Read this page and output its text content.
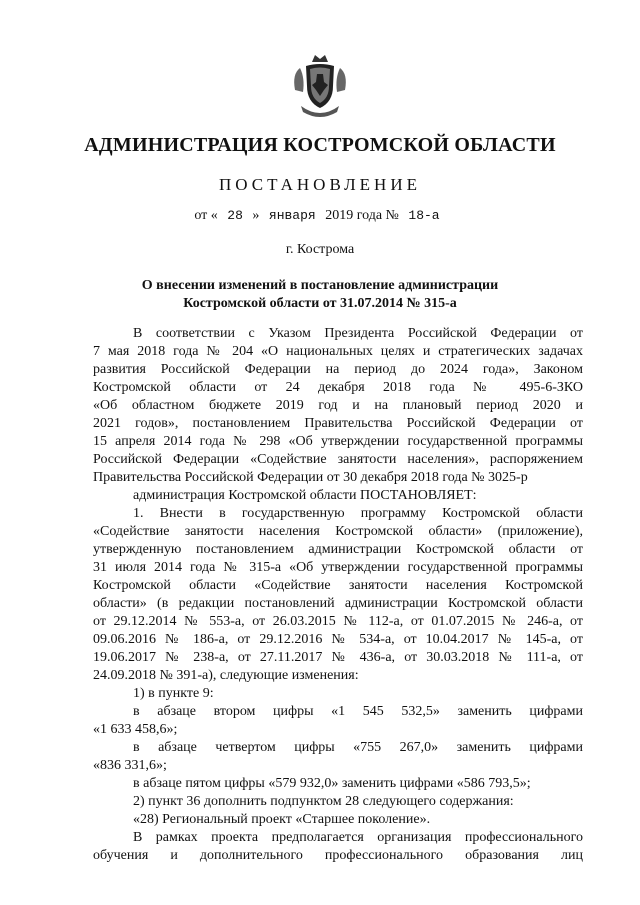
АДМИНИСТРАЦИЯ КОСТРОМСКОЙ ОБЛАСТИ
ПОСТАНОВЛЕНИЕ
от « 28 » января 2019 года № 18-а
г. Кострома
О внесении изменений в постановление администрации
Костромской области от 31.07.2014 № 315-а

В соответствии с Указом Президента Российской Федерации от

7 мая 2018 года № 204 «О национальных целях и стратегических задачах

развития Российской Федерации на период до 2024 года», Законом

Костромской области от 24 декабря 2018 года № 495-6-ЗКО

«Об областном бюджете 2019 год и на плановый период 2020 и

2021 годов», постановлением Правительства Российской Федерации от

15 апреля 2014 года № 298 «Об утверждении государственной программы

Российской Федерации «Содействие занятости населения», распоряжением

Правительства Российской Федерации от 30 декабря 2018 года № 3025-р

администрация Костромской области ПОСТАНОВЛЯЕТ:

1. Внести в государственную программу Костромской области

«Содействие занятости населения Костромской области» (приложение),

утвержденную постановлением администрации Костромской области от

31 июля 2014 года № 315-а «Об утверждении государственной программы

Костромской области «Содействие занятости населения Костромской

области» (в редакции постановлений администрации Костромской области

от 29.12.2014 № 553-а, от 26.03.2015 № 112-а, от 01.07.2015 № 246-а, от

09.06.2016 № 186-а, от 29.12.2016 № 534-а, от 10.04.2017 № 145-а, от

19.06.2017 № 238-а, от 27.11.2017 № 436-а, от 30.03.2018 № 111-а, от

24.09.2018 № 391-а), следующие изменения:

1) в пункте 9:

в абзаце втором цифры «1 545 532,5» заменить цифрами

«1 633 458,6»;

в абзаце четвертом цифры «755 267,0» заменить цифрами

«836 331,6»;

в абзаце пятом цифры «579 932,0» заменить цифрами «586 793,5»;

2) пункт 36 дополнить подпунктом 28 следующего содержания:

«28) Региональный проект «Старшее поколение».

В рамках проекта предполагается организация профессионального

обучения и дополнительного профессионального образования лиц
